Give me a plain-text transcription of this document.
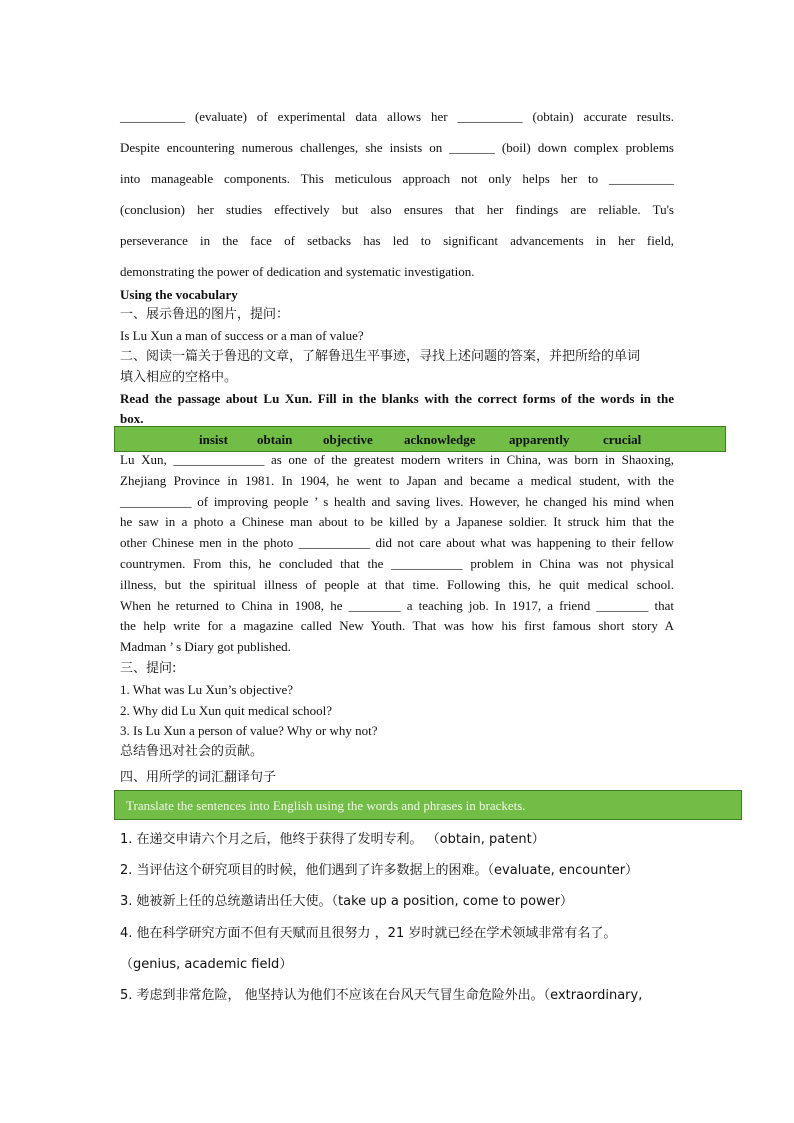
__________ (evaluate) of experimental data allows her __________ (obtain) accurate results.
Despite encountering numerous challenges, she insists on _______ (boil) down complex problems
into manageable components. This meticulous approach not only helps her to __________
(conclusion) her studies effectively but also ensures that her findings are reliable. Tu's
perseverance in the face of setbacks has led to significant advancements in her field,
demonstrating the power of dedication and systematic investigation.
Using the vocabulary
一、展示鲁迅的图片，提问：
Is Lu Xun a man of success or a man of value?
二、阅读一篇关于鲁迅的文章，了解鲁迅生平事迹，寻找上述问题的答案，并把所给的单词
填入相应的空格中。
Read the passage about Lu Xun. Fill in the blanks with the correct forms of the words in the
box.
insist obtain objective acknowledge	apparently	crucial
Lu Xun, ______________ as one of the greatest modern writers in China, was born in Shaoxing,
Zhejiang Province in 1981. In 1904, he went to Japan and became a medical student, with the
___________ of improving people ’ s health and saving lives. However, he changed his mind when
he saw in a photo a Chinese man about to be killed by a Japanese soldier. It struck him that the
other Chinese men in the photo ___________ did not care about what was happening to their fellow
countrymen. From this, he concluded that the ___________ problem in China was not physical
illness, but the spiritual illness of people at that time. Following this, he quit medical school.
When he returned to China in 1908, he ________ a teaching job. In 1917, a friend ________ that
the help write for a magazine called New Youth. That was how his first famous short story A
Madman ’ s Diary got published.
三、提问:
1. What was Lu Xun’s objective?
2. Why did Lu Xun quit medical school?
3. Is Lu Xun a person of value? Why or why not?
总结鲁迅对社会的贡献。
四、用所学的词汇翻译句子
Translate the sentences into English using the words and phrases in brackets.
1. 在递交申请六个月之后，他终于获得了发明专利。 （obtain, patent）
2. 当评估这个研究项目的时候，他们遇到了许多数据上的困难。（evaluate, encounter）
3. 她被新上任的总统邀请出任大使。（take up a position, come to power）
4. 他在科学研究方面不但有天赋而且很努力 ，21 岁时就已经在学术领域非常有名了。
（genius, academic field）
5. 考虑到非常危险， 他坚持认为他们不应该在台风天气冒生命危险外出。（extraordinary,
